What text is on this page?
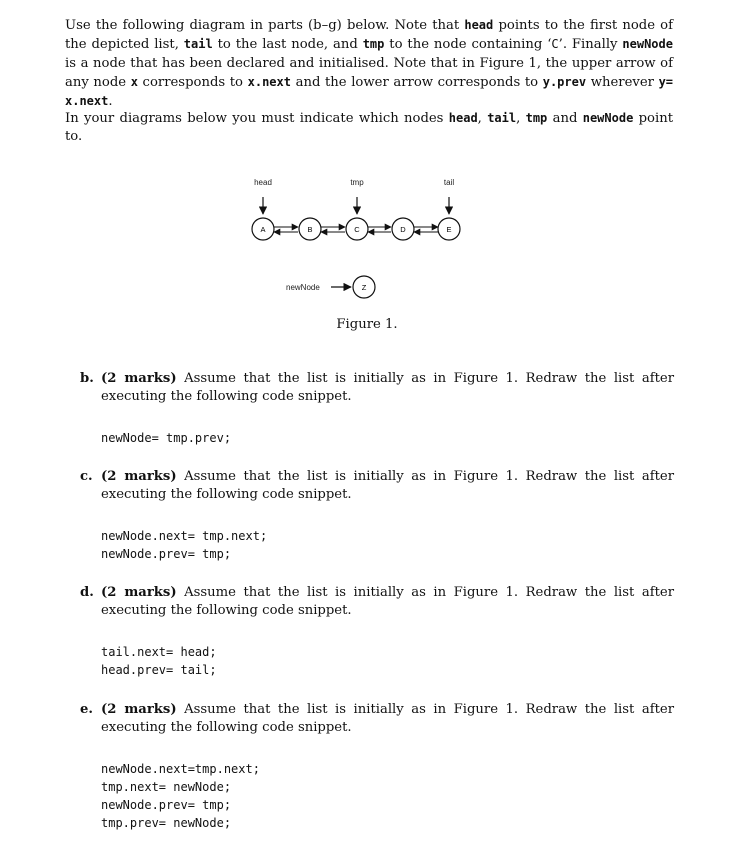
Use the following diagram in parts (b–g) below. Note that head points to the first node of the depicted list, tail to the last node, and tmp to the node containing ‘C’. Finally newNode is a node that has been declared and initialised. Note that in Figure 1, the upper arrow of any node x corresponds to x.next and the lower arrow corresponds to y.prev wherever y= x.next.
In your diagrams below you must indicate which nodes head, tail, tmp and newNode point to.
head	tmp	tail
A	B	C	D	E
newNode	Z
Figure 1.
b. (2 marks) Assume that the list is initially as in Figure 1. Redraw the list after executing the following code snippet.
newNode= tmp.prev;
c. (2 marks) Assume that the list is initially as in Figure 1. Redraw the list after executing the following code snippet.
newNode.next= tmp.next;
newNode.prev= tmp;
d. (2 marks) Assume that the list is initially as in Figure 1. Redraw the list after executing the following code snippet.
tail.next= head;
head.prev= tail;
e. (2 marks) Assume that the list is initially as in Figure 1. Redraw the list after executing the following code snippet.
newNode.next=tmp.next;
tmp.next= newNode;
newNode.prev= tmp;
tmp.prev= newNode;
